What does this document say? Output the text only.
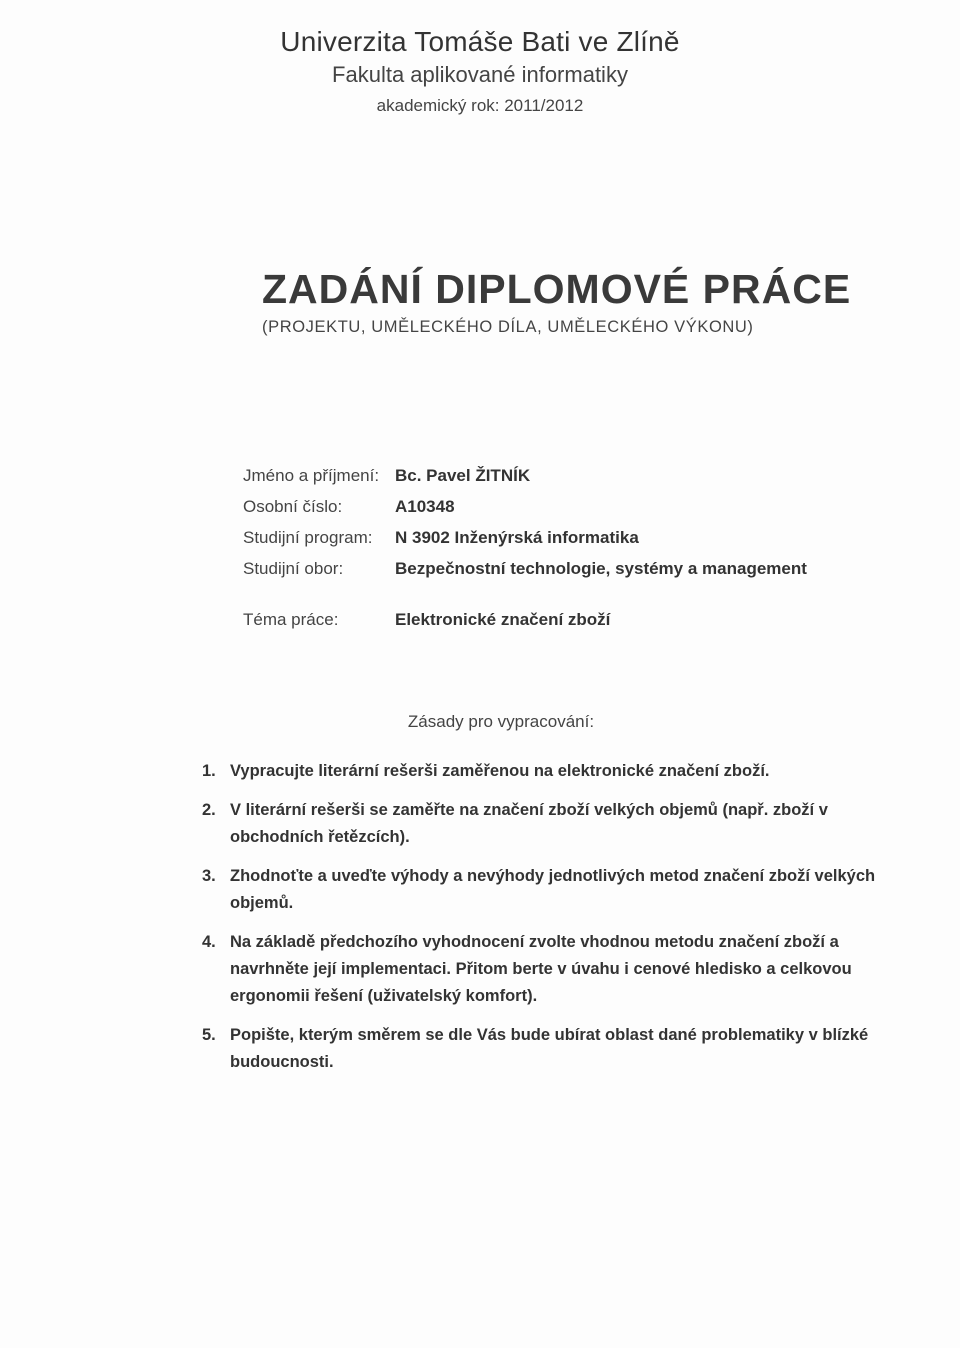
Univerzita Tomáše Bati ve Zlíně
Fakulta aplikované informatiky
akademický rok: 2011/2012
ZADÁNÍ DIPLOMOVÉ PRÁCE
(PROJEKTU, UMĚLECKÉHO DÍLA, UMĚLECKÉHO VÝKONU)
Jméno a příjmení: Bc. Pavel ŽITNÍK
Osobní číslo:	A10348
Studijní program:	N 3902 Inženýrská informatika
Studijní obor:	Bezpečnostní technologie, systémy a management
Téma práce:	Elektronické značení zboží
Zásady pro vypracování:
1. Vypracujte literární rešerši zaměřenou na elektronické značení zboží.
2. V literární rešerši se zaměřte na značení zboží velkých objemů (např. zboží v obchodních řetězcích).
3. Zhodnoťte a uveďte výhody a nevýhody jednotlivých metod značení zboží velkých objemů.
4. Na základě předchozího vyhodnocení zvolte vhodnou metodu značení zboží a navrhněte její implementaci. Přitom berte v úvahu i cenové hledisko a celkovou ergonomii řešení (uživatelský komfort).
5. Popište, kterým směrem se dle Vás bude ubírat oblast dané problematiky v blízké budoucnosti.
